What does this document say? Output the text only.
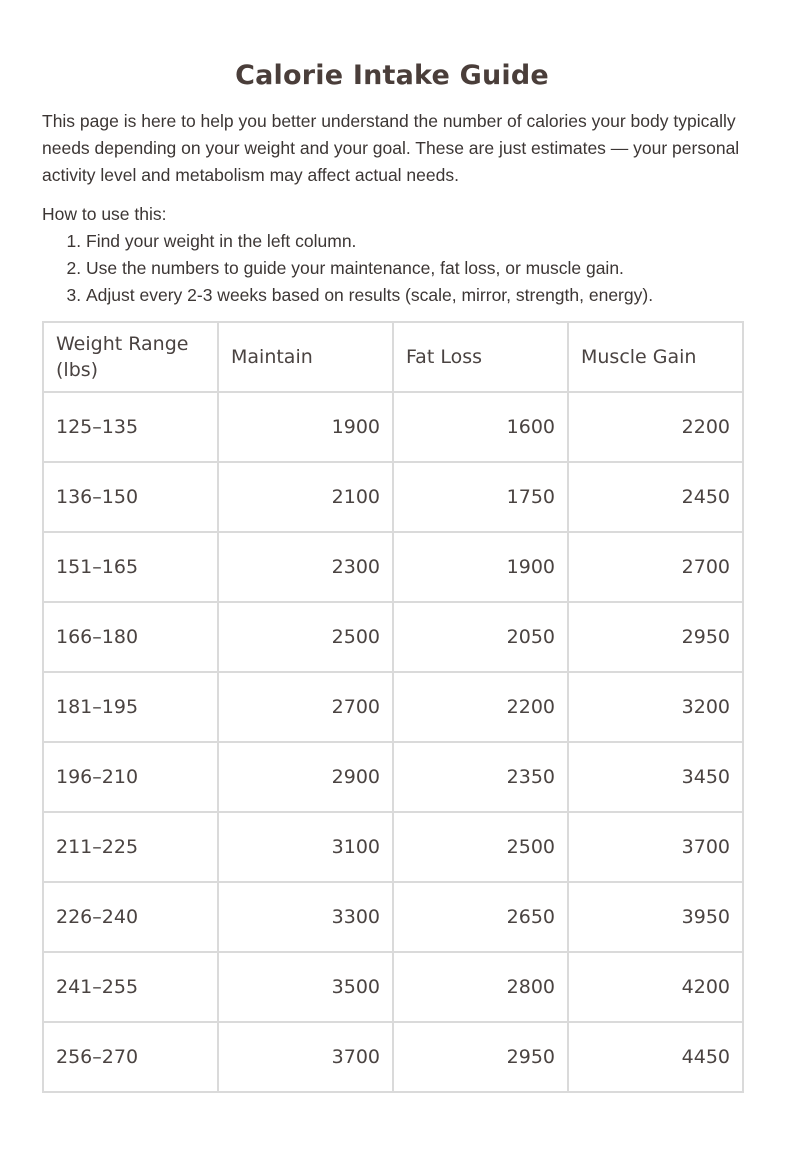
Calorie Intake Guide

This page is here to help you better understand the number of calories your body typically needs depending on your weight and your goal. These are just estimates — your personal activity level and metabolism may affect actual needs.

How to use this:

1. Find your weight in the left column.
2. Use the numbers to guide your maintenance, fat loss, or muscle gain.
3. Adjust every 2-3 weeks based on results (scale, mirror, strength, energy).
Weight Range (lbs)	Maintain	Fat Loss	Muscle Gain
125–135	1900	1600	2200
136–150	2100	1750	2450
151–165	2300	1900	2700
166–180	2500	2050	2950
181–195	2700	2200	3200
196–210	2900	2350	3450
211–225	3100	2500	3700
226–240	3300	2650	3950
241–255	3500	2800	4200
256–270	3700	2950	4450
